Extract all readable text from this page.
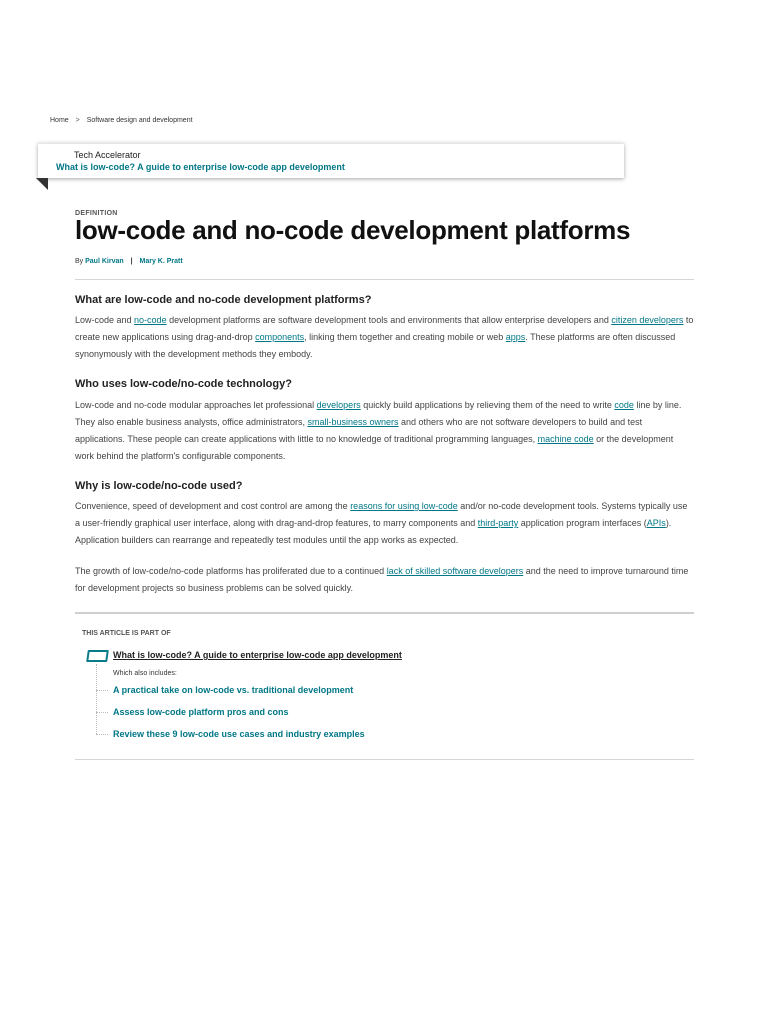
Home > Software design and development
Tech Accelerator
What is low-code? A guide to enterprise low-code app development
DEFINITION
low-code and no-code development platforms
By Paul Kirvan | Mary K. Pratt
What are low-code and no-code development platforms?

Low-code and no-code development platforms are software development tools and environments that allow enterprise developers and citizen developers to create new applications using drag-and-drop components, linking them together and creating mobile or web apps. These platforms are often discussed synonymously with the development methods they embody.

Who uses low-code/no-code technology?

Low-code and no-code modular approaches let professional developers quickly build applications by relieving them of the need to write code line by line. They also enable business analysts, office administrators, small-business owners and others who are not software developers to build and test applications. These people can create applications with little to no knowledge of traditional programming languages, machine code or the development work behind the platform's configurable components.

Why is low-code/no-code used?

Convenience, speed of development and cost control are among the reasons for using low-code and/or no-code development tools. Systems typically use a user-friendly graphical user interface, along with drag-and-drop features, to marry components and third-party application program interfaces (APIs). Application builders can rearrange and repeatedly test modules until the app works as expected.

The growth of low-code/no-code platforms has proliferated due to a continued lack of skilled software developers and the need to improve turnaround time for development projects so business problems can be solved quickly.

THIS ARTICLE IS PART OF
What is low-code? A guide to enterprise low-code app development
Which also includes:
A practical take on low-code vs. traditional development
Assess low-code platform pros and cons
Review these 9 low-code use cases and industry examples
